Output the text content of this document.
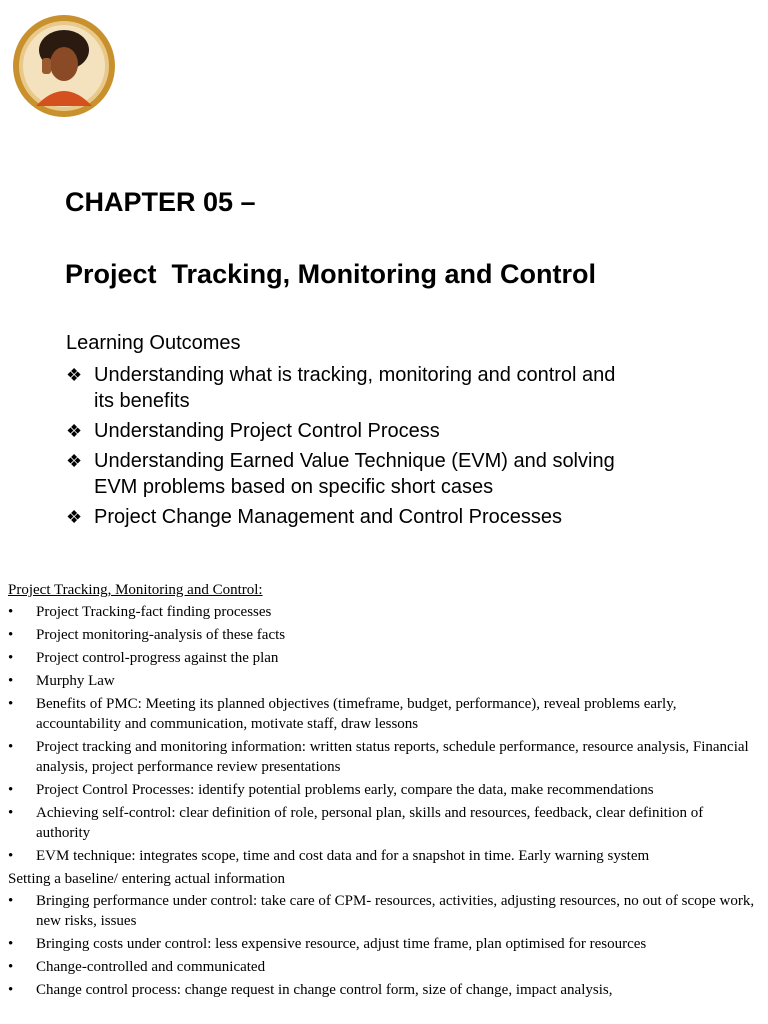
CHAPTER 05 –
Project  Tracking, Monitoring and Control
Learning Outcomes
❖ Understanding what is tracking, monitoring and control and its benefits
❖ Understanding Project Control Process
❖ Understanding Earned Value Technique (EVM) and solving EVM problems based on specific short cases
❖ Project Change Management and Control Processes
Project Tracking, Monitoring and Control:
• Project Tracking-fact finding processes
• Project monitoring-analysis of these facts
• Project control-progress against the plan
• Murphy Law
• Benefits of PMC: Meeting its planned objectives (timeframe, budget, performance), reveal problems early, accountability and communication, motivate staff, draw lessons
• Project tracking and monitoring information: written status reports, schedule performance, resource analysis, Financial analysis, project performance review presentations
• Project Control Processes: identify potential problems early, compare the data, make recommendations
• Achieving self-control: clear definition of role, personal plan, skills and resources, feedback, clear definition of authority
• EVM technique: integrates scope, time and cost data and for a snapshot in time. Early warning system
Setting a baseline/ entering actual information
• Bringing performance under control: take care of CPM- resources, activities, adjusting resources, no out of scope work, new risks, issues
• Bringing costs under control: less expensive resource, adjust time frame, plan optimised for resources
• Change-controlled and communicated
• Change control process: change request in change control form, size of change, impact analysis,
